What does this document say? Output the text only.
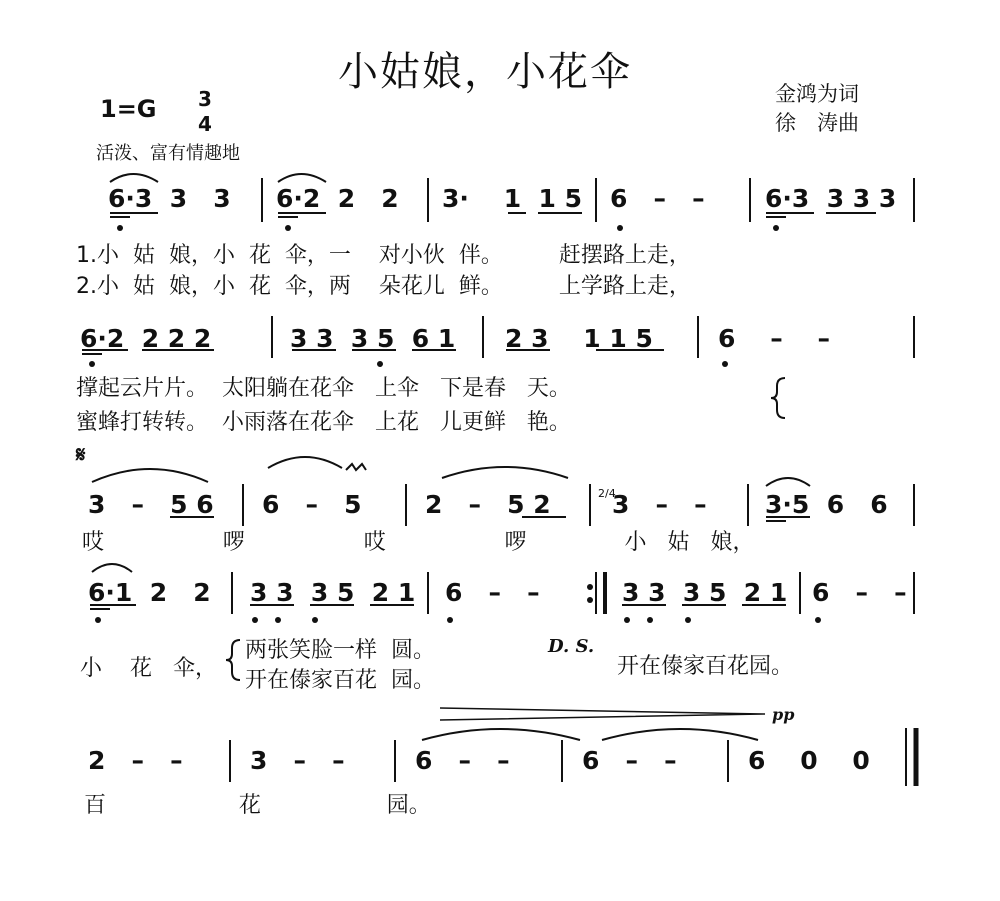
小姑娘，小花伞	金鸿为词
徐　涛曲
1=G 3
4
活泼、富有情趣地
6·3  3   3 6·2  2   2 3·    1  1 5 6   –   – 6·3  3 3 3
1.小  姑  娘，小  花  伞，一    对小伙  伴。        赶摆路上走，
2.小  姑  娘，小  花  伞，两    朵花儿  鲜。        上学路上走，
6·2  2 2 2	3 3  3 5  6 1 2 3    1 1 5	6    –    –
撑起云片片。  太阳躺在花伞   上伞   下是春   天。
蜜蜂打转转。  小雨落在花伞   上花   儿更鲜   艳。
𝄋
3   –   5 6 6   –   5	2   –   5 2	2/4
3   –   – 3·5  6   6
哎                 啰                 哎                 啰              小   姑   娘，
6·1  2   2 3 3  3 5  2 1 6   –   –	3 3  3 5  2 1 6   –   –
小    花   伞，
两张笑脸一样  圆。
开在傣家百花  园。
D. S.
开在傣家百花园。
pp
2   –   –	3   –   –	6   –   –	6   –   –	6    0    0
百                   花                  园。
